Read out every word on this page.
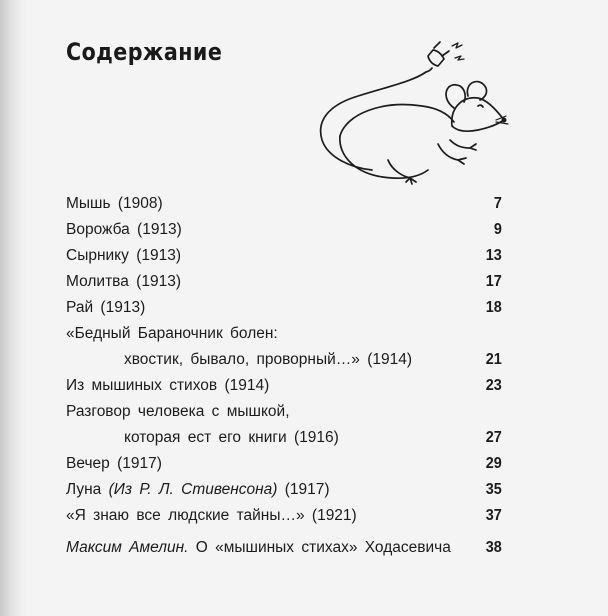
Содержание
Мышь (1908)	7
Ворожба (1913)	9
Сырнику (1913)	13
Молитва (1913)	17
Рай (1913)	18
«Бедный Бараночник болен:
хвостик, бывало, проворный…» (1914)	21
Из мышиных стихов (1914)	23
Разговор человека с мышкой,
которая ест его книги (1916)	27
Вечер (1917)	29
Луна (Из Р. Л. Стивенсона) (1917)	35
«Я знаю все людские тайны…» (1921)	37
Максим Амелин. О «мышиных стихах» Ходасевича 38
